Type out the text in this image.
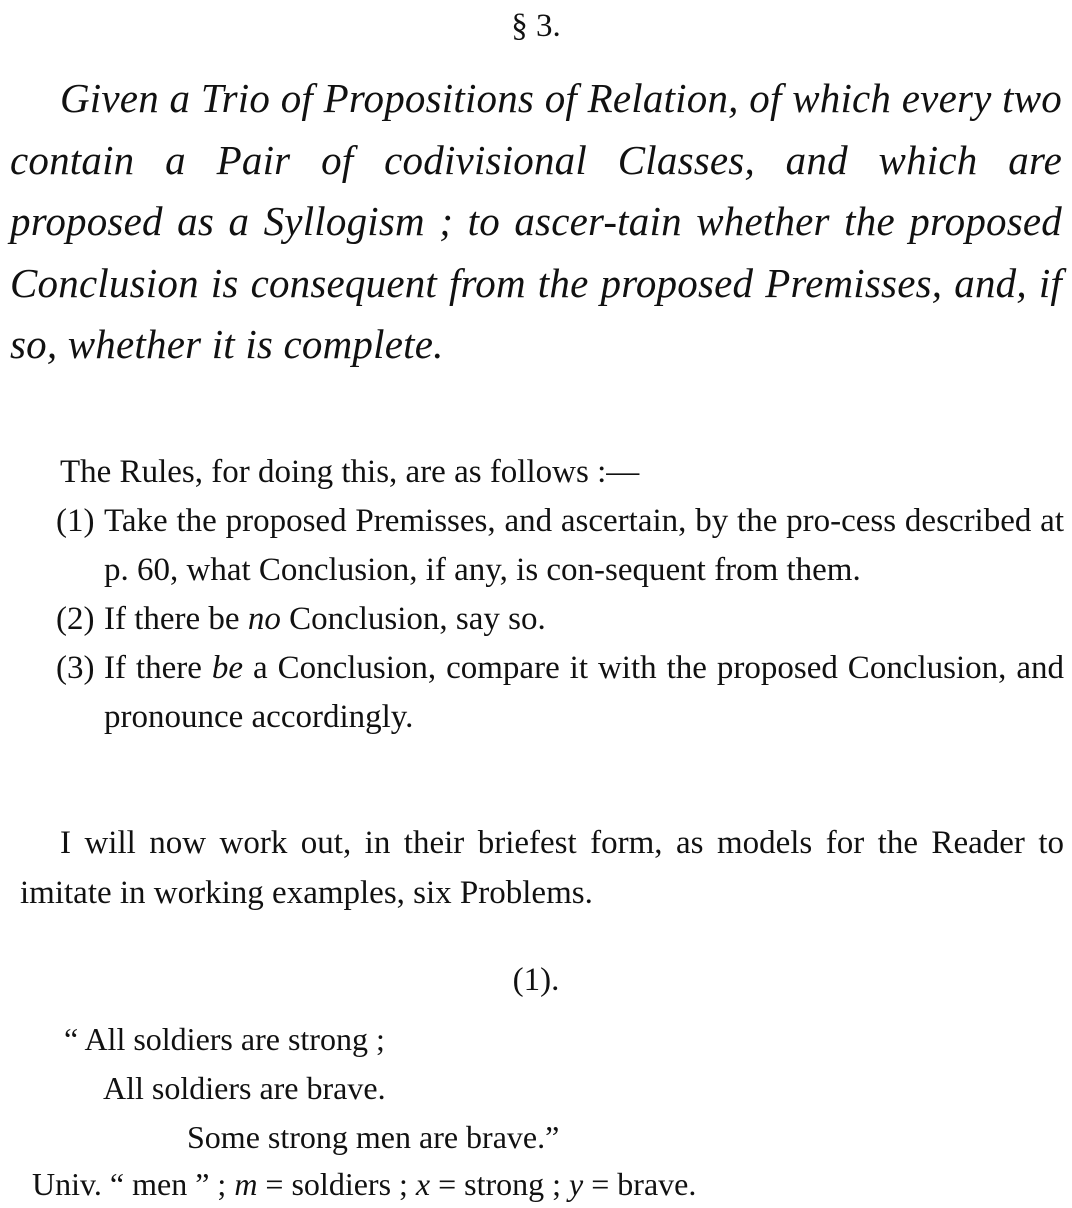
§ 3.

Given a Trio of Propositions of Relation, of which every two contain a Pair of codivisional Classes, and which are proposed as a Syllogism ; to ascer-tain whether the proposed Conclusion is consequent from the proposed Premisses, and, if so, whether it is complete.

The Rules, for doing this, are as follows :—

(1) Take the proposed Premisses, and ascertain, by the pro-cess described at p. 60, what Conclusion, if any, is con-sequent from them.

(2) If there be no Conclusion, say so.

(3) If there be a Conclusion, compare it with the proposed Conclusion, and pronounce accordingly.

I will now work out, in their briefest form, as models for the Reader to imitate in working examples, six Problems.

(1).
“ All soldiers are strong ;
All soldiers are brave.
Some strong men are brave.”
Univ. “ men ” ; m = soldiers ; x = strong ; y = brave.
